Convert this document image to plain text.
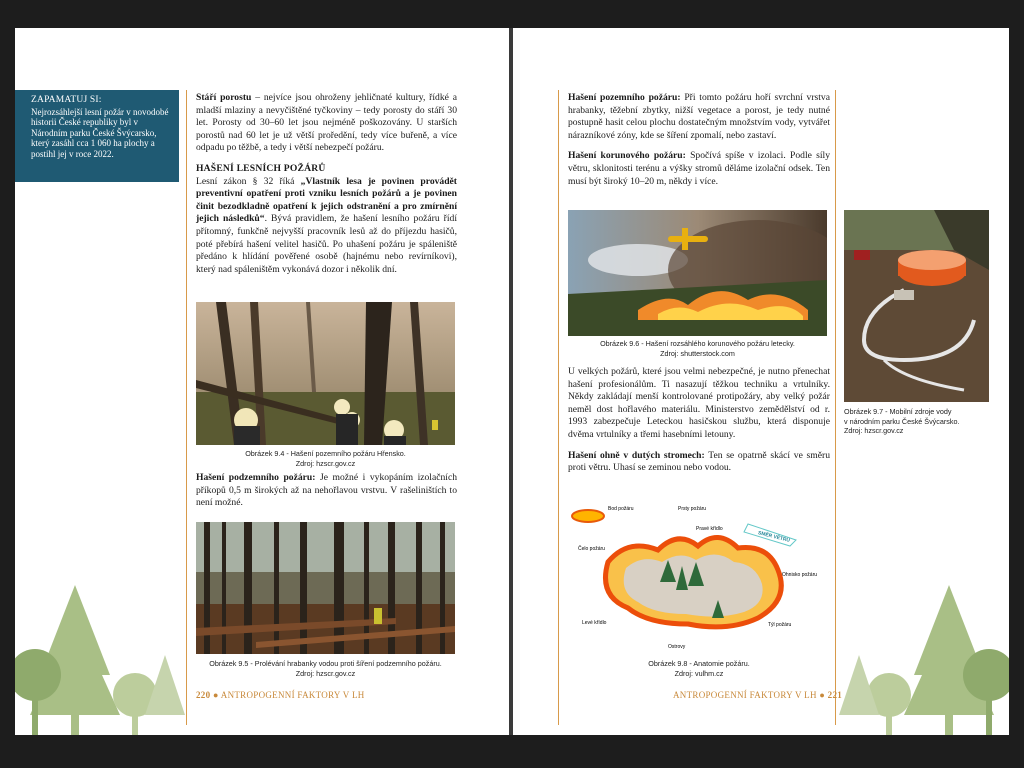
ZAPAMATUJ SI:
Nejrozsáhlejší lesní požár v novodobé historii České republiky byl v Národním parku České Švýcarsko, který zasáhl cca 1 060 ha plochy a postihl jej v roce 2022.

Stáří porostu – nejvíce jsou ohroženy jehličnaté kultury, řídké a mladší mlaziny a nevyčištěné tyčkoviny – tedy porosty do stáří 30 let. Porosty od 30–60 let jsou nejméně poškozovány. U starších porostů nad 60 let je už větší proředění, tedy více buřeně, a více odpadu po těžbě, a tedy i větší nebezpečí požáru.

HAŠENÍ LESNÍCH POŽÁRŮ

Lesní zákon § 32 říká „Vlastník lesa je povinen provádět preventivní opatření proti vzniku lesních požárů a je povinen činit bezodkladně opatření k jejich odstranění a pro zmírnění jejich následků“. Bývá pravidlem, že hašení lesního požáru řídí přítomný, funkčně nejvyšší pracovník lesů až do příjezdu hasičů, poté přebírá hašení velitel hasičů. Po uhašení požáru je spáleniště předáno k hlídání pověřené osobě (hajnému nebo revírníkovi), který nad spáleništěm vykonává dozor i několik dní.

Obrázek 9.4 - Hašení pozemního požáru Hřensko.
Zdroj: hzscr.gov.cz

Hašení podzemního požáru: Je možné i vykopáním izolačních příkopů 0,5 m širokých až na nehořlavou vrstvu. V rašeliništích to není možné.

Obrázek 9.5 - Prolévání hrabanky vodou proti šíření podzemního požáru.
Zdroj: hzscr.gov.cz
220 ● ANTROPOGENNÍ FAKTORY V LH

Hašení pozemního požáru: Při tomto požáru hoří svrchní vrstva hrabanky, těžební zbytky, nižší vegetace a porost, je tedy nutné postupně hasit celou plochu dostatečným množstvím vody, vytvářet nárazníkové zóny, kde se šíření zpomalí, nebo zastaví.

Hašení korunového požáru: Spočívá spíše v izolaci. Podle síly větru, sklonitosti terénu a výšky stromů děláme izolační odsek. Ten musí být široký 10–20 m, někdy i více.

Obrázek 9.6 - Hašení rozsáhlého korunového požáru letecky.
Zdroj: shutterstock.com

U velkých požárů, které jsou velmi nebezpečné, je nutno přenechat hašení profesionálům. Ti nasazují těžkou techniku a vrtulníky. Někdy zakládají menší kontrolované protipožáry, aby velký požár neměl dost hořlavého materiálu. Ministerstvo zemědělství od r. 1993 zabezpečuje Leteckou hasičskou službu, která disponuje dvěma vrtulníky a třemi hasebními letouny.

Hašení ohně v dutých stromech: Ten se opatrně skácí ve směru proti větru. Uhasí se zeminou nebo vodou.

SMĚR VĚTRU
Bod požáru	Prsty požáru
Pravé křídlo
Čelo požáru
Ohnisko požáru
Levé křídlo
Ostrovy
Týl požáru
Obrázek 9.8 - Anatomie požáru.
Zdroj: vulhm.cz
Obrázek 9.7 - Mobilní zdroje vody
v národním parku České Švýcarsko.
Zdroj: hzscr.gov.cz
ANTROPOGENNÍ FAKTORY V LH ● 221
